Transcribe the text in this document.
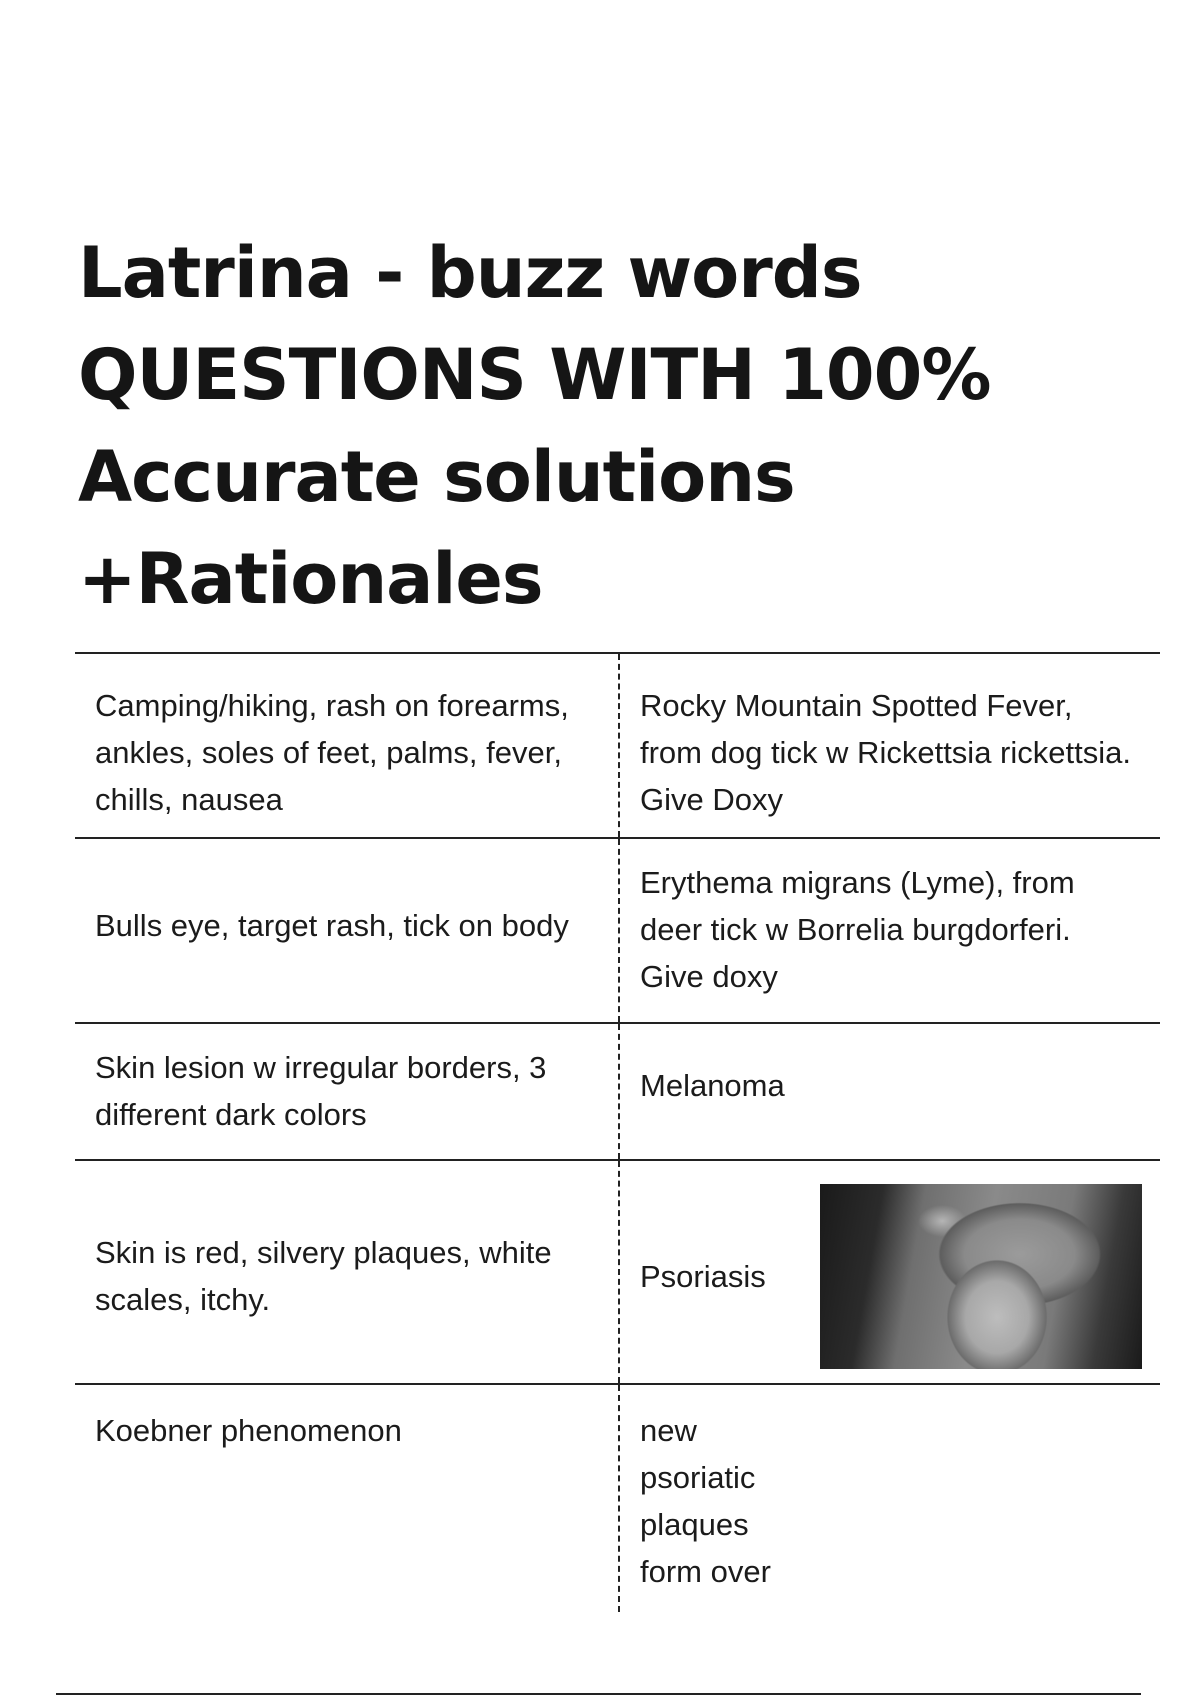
Latrina - buzz words
QUESTIONS WITH 100%
Accurate solutions
+Rationales
Camping/hiking, rash on forearms, ankles, soles of feet, palms, fever, chills, nausea
Rocky Mountain Spotted Fever, from dog tick w Rickettsia rickettsia. Give Doxy
Bulls eye, target rash, tick on body
Erythema migrans (Lyme), from deer tick w Borrelia burgdorferi. Give doxy
Skin lesion w irregular borders, 3 different dark colors
Melanoma
Skin is red, silvery plaques, white scales, itchy.
Psoriasis
Koebner phenomenon	new
psoriatic
plaques
form over
